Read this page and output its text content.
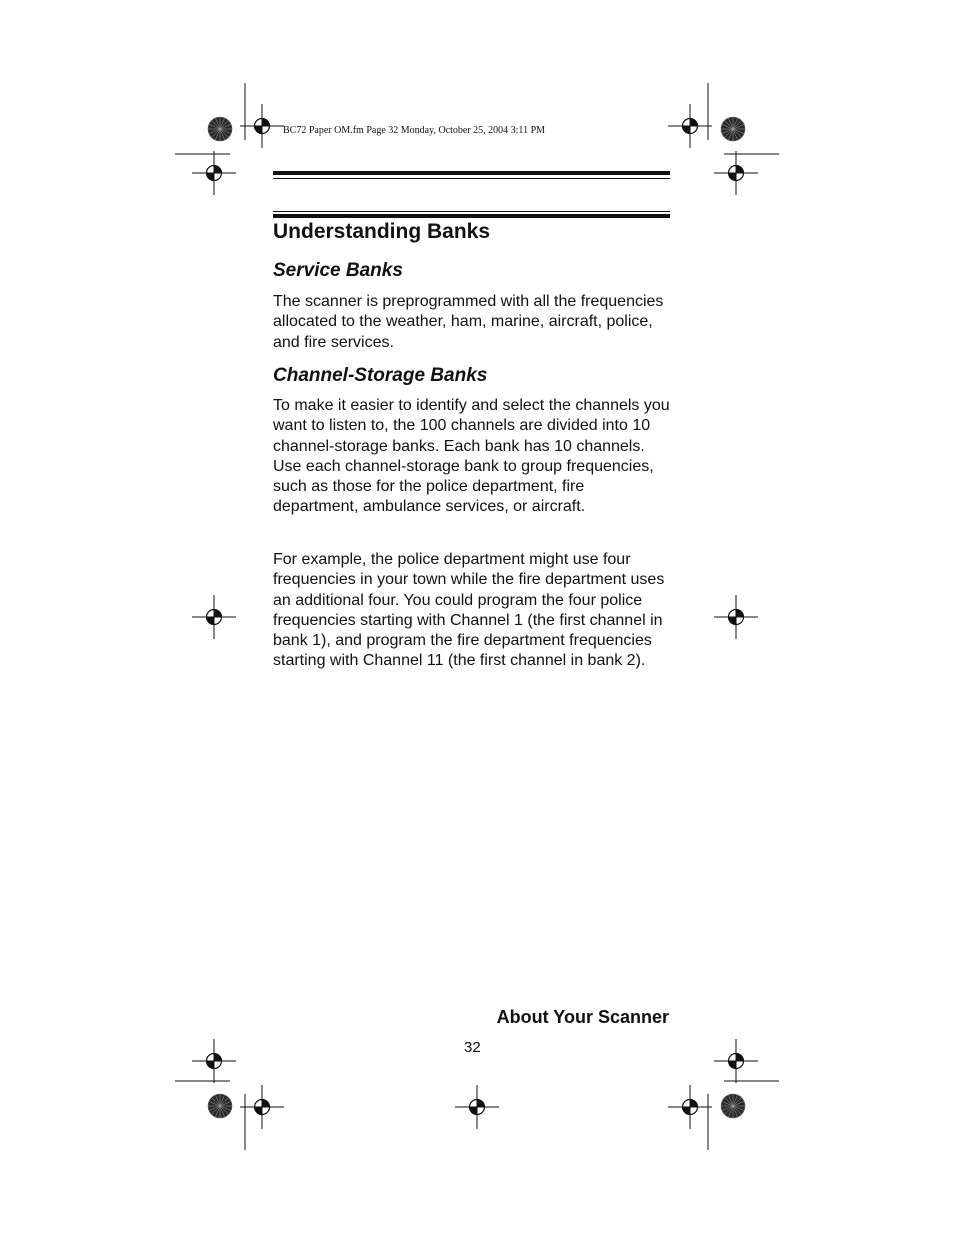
BC72 Paper OM.fm Page 32 Monday, October 25, 2004 3:11 PM
Understanding Banks
Service Banks

The scanner is preprogrammed with all the frequencies allocated to the weather, ham, marine, aircraft, police, and fire services.

Channel-Storage Banks

To make it easier to identify and select the channels you want to listen to, the 100 channels are divided into 10 channel-storage banks. Each bank has 10 channels. Use each channel-storage bank to group frequencies, such as those for the police department, fire department, ambulance services, or aircraft.

For example, the police department might use four frequencies in your town while the fire department uses an additional four. You could program the four police frequencies starting with Channel 1 (the first channel in bank 1), and program the fire department frequencies starting with Channel 11 (the first channel in bank 2).

About Your Scanner
32
